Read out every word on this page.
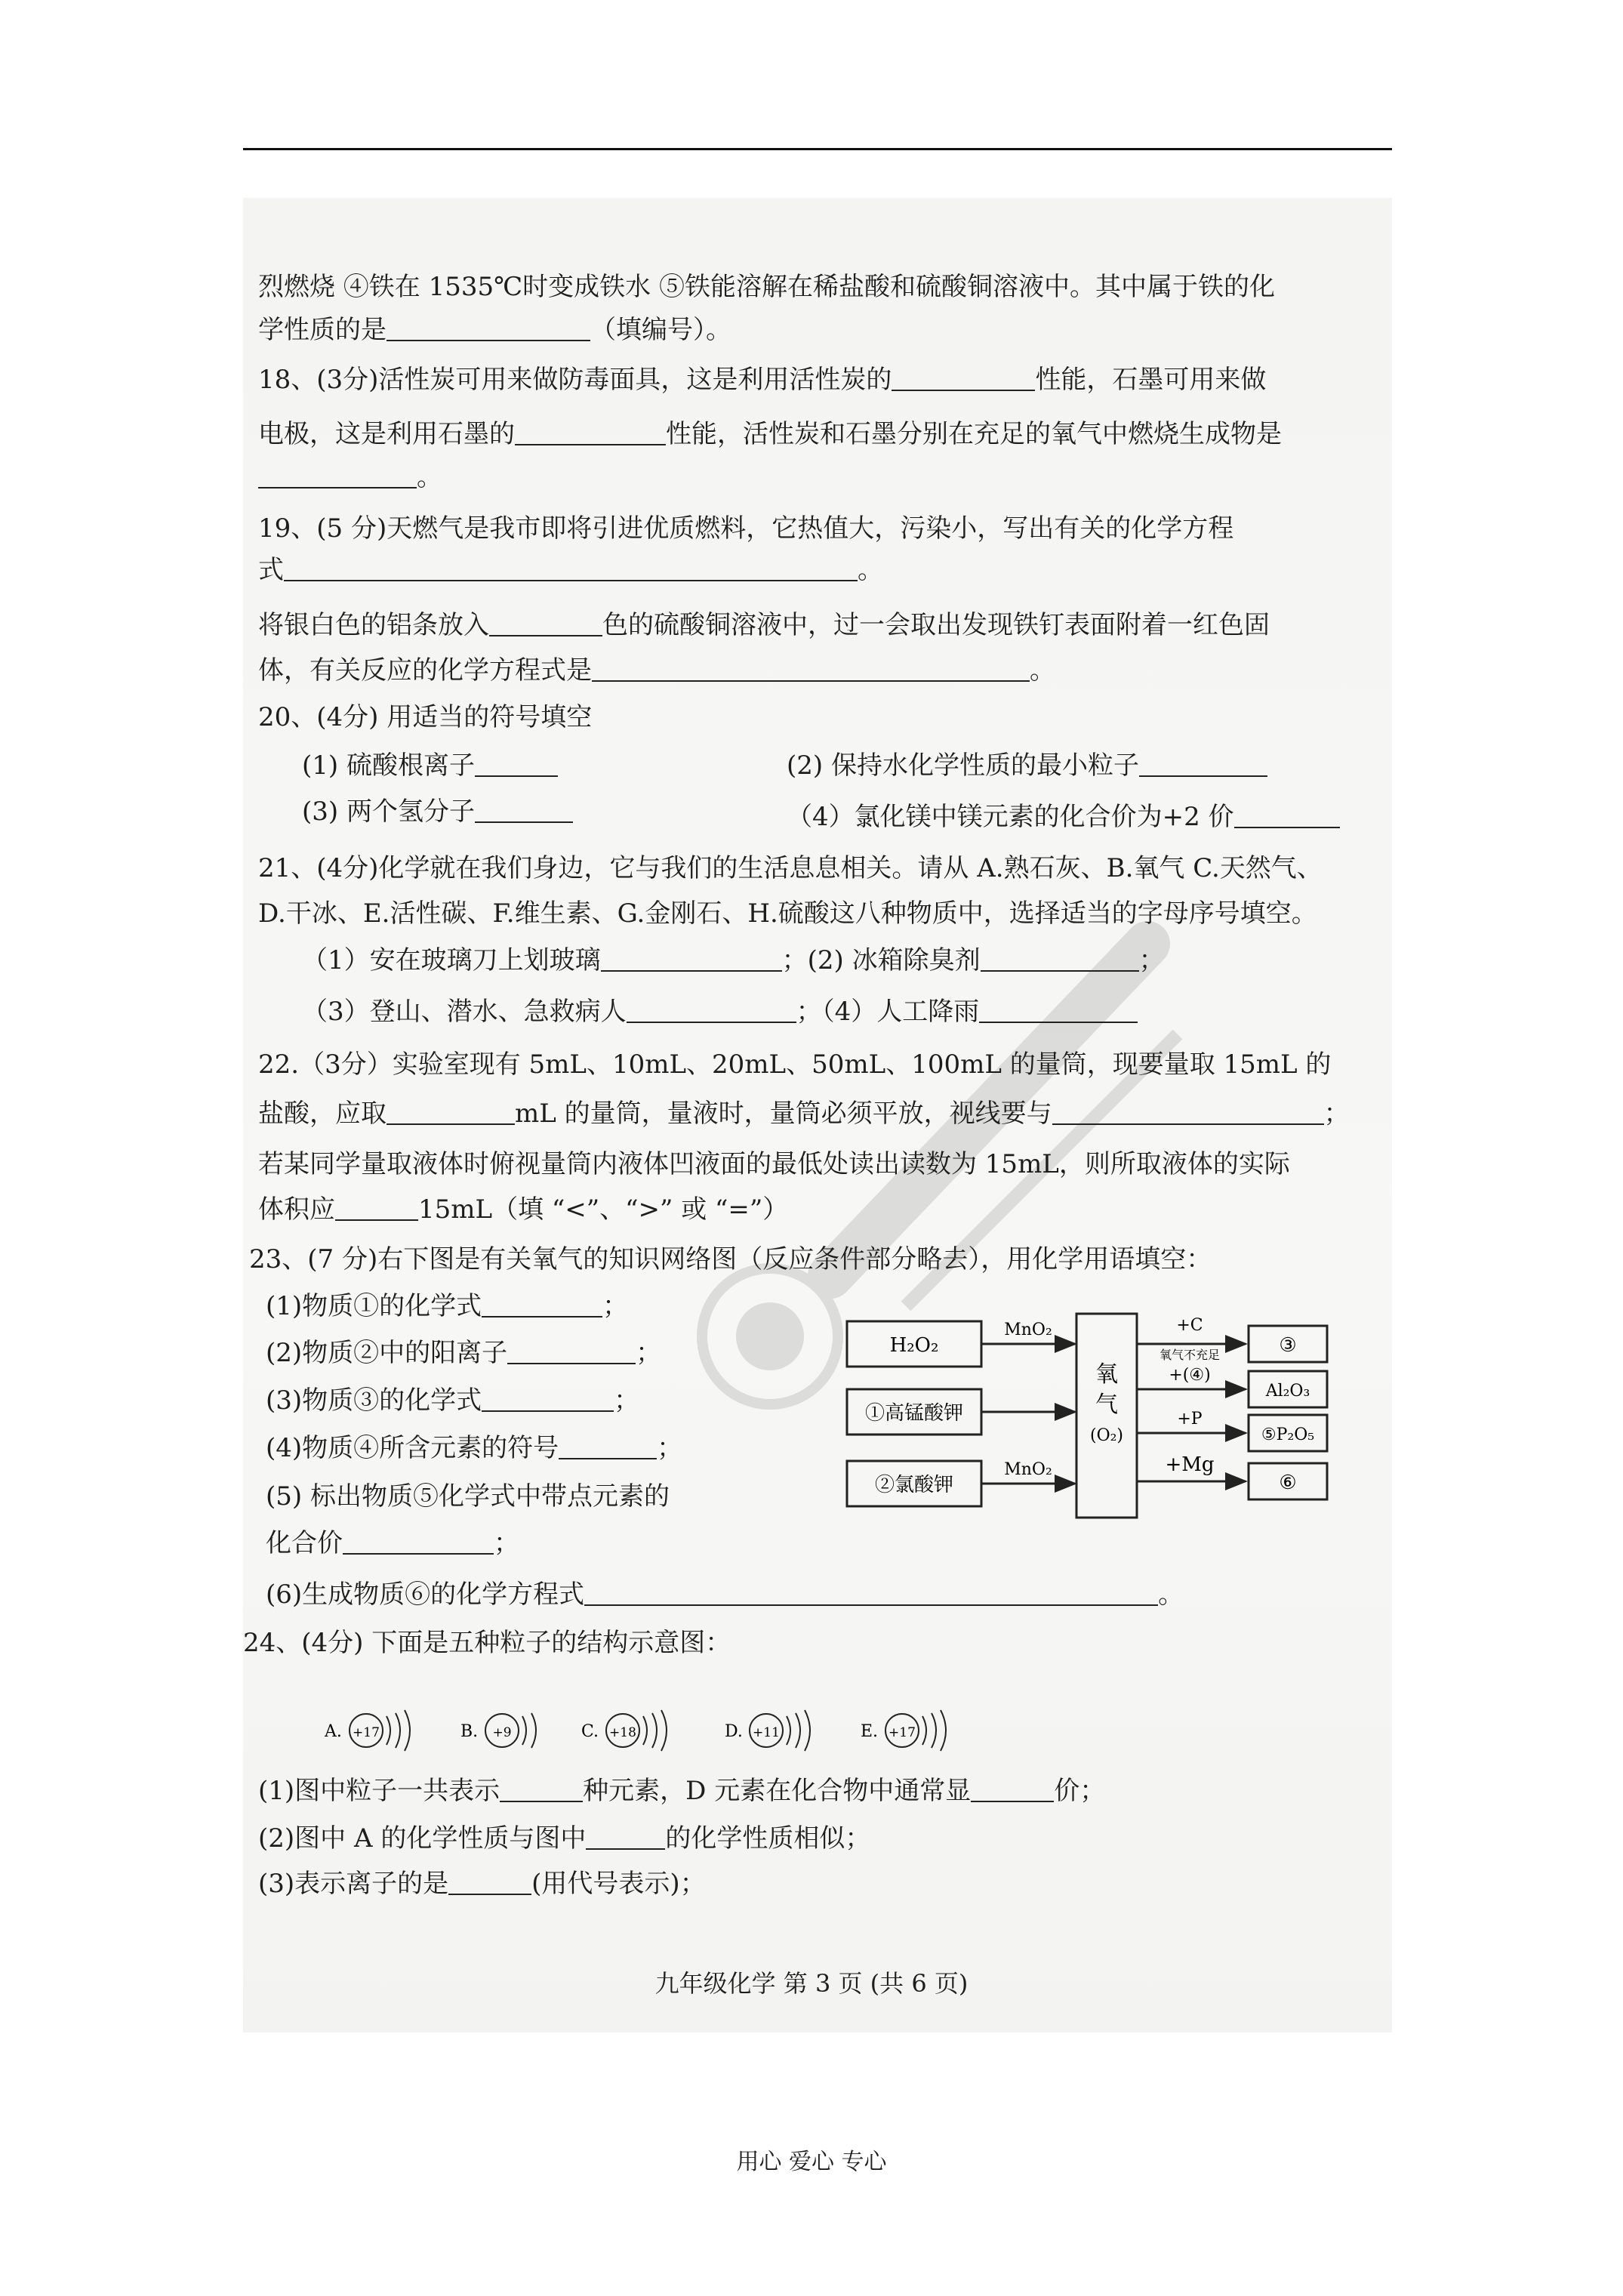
烈燃烧 ④铁在 1535℃时变成铁水 ⑤铁能溶解在稀盐酸和硫酸铜溶液中。其中属于铁的化
学性质的是	（填编号）。
18、(3分)活性炭可用来做防毒面具，这是利用活性炭的	性能，石墨可用来做
电极，这是利用石墨的	性能，活性炭和石墨分别在充足的氧气中燃烧生成物是
。
19、(5 分)天燃气是我市即将引进优质燃料，它热值大，污染小，写出有关的化学方程
式	。
将银白色的铝条放入	色的硫酸铜溶液中，过一会取出发现铁钉表面附着一红色固
体，有关反应的化学方程式是	。
20、(4分) 用适当的符号填空
(1) 硫酸根离子	(2) 保持水化学性质的最小粒子
(3) 两个氢分子	（4）氯化镁中镁元素的化合价为+2 价
21、(4分)化学就在我们身边，它与我们的生活息息相关。请从 A.熟石灰、B.氧气 C.天然气、
D.干冰、E.活性碳、F.维生素、G.金刚石、H.硫酸这八种物质中，选择适当的字母序号填空。
（1）安在玻璃刀上划玻璃	；(2) 冰箱除臭剂	；
（3）登山、潜水、急救病人	；（4）人工降雨
22.（3分）实验室现有 5mL、10mL、20mL、50mL、100mL 的量筒，现要量取 15mL 的
盐酸，应取	mL 的量筒，量液时，量筒必须平放，视线要与	；
若某同学量取液体时俯视量筒内液体凹液面的最低处读出读数为 15mL，则所取液体的实际
体积应	15mL（填 “<”、“>” 或 “=”）
23、(7 分)右下图是有关氧气的知识网络图（反应条件部分略去），用化学用语填空：
(1)物质①的化学式	；
(2)物质②中的阳离子	；
(3)物质③的化学式	；
(4)物质④所含元素的符号	；
(5) 标出物质⑤化学式中带点元素的
化合价	；
(6)生成物质⑥的化学方程式	。
H₂O₂
①高锰酸钾
②氯酸钾
MnO₂
MnO₂
氧
气
(O₂)
+C
氧气不充足
+(④)
+P
+Mg
③
Al₂O₃
⑤P₂O₅
⑥
24、(4分) 下面是五种粒子的结构示意图：
A. +17	B. +9	C. +18	D. +11	E. +17
(1)图中粒子一共表示	种元素，D 元素在化合物中通常显	价；
(2)图中 A 的化学性质与图中	的化学性质相似；
(3)表示离子的是	(用代号表示)；
九年级化学 第 3 页 (共 6 页)
用心 爱心 专心
